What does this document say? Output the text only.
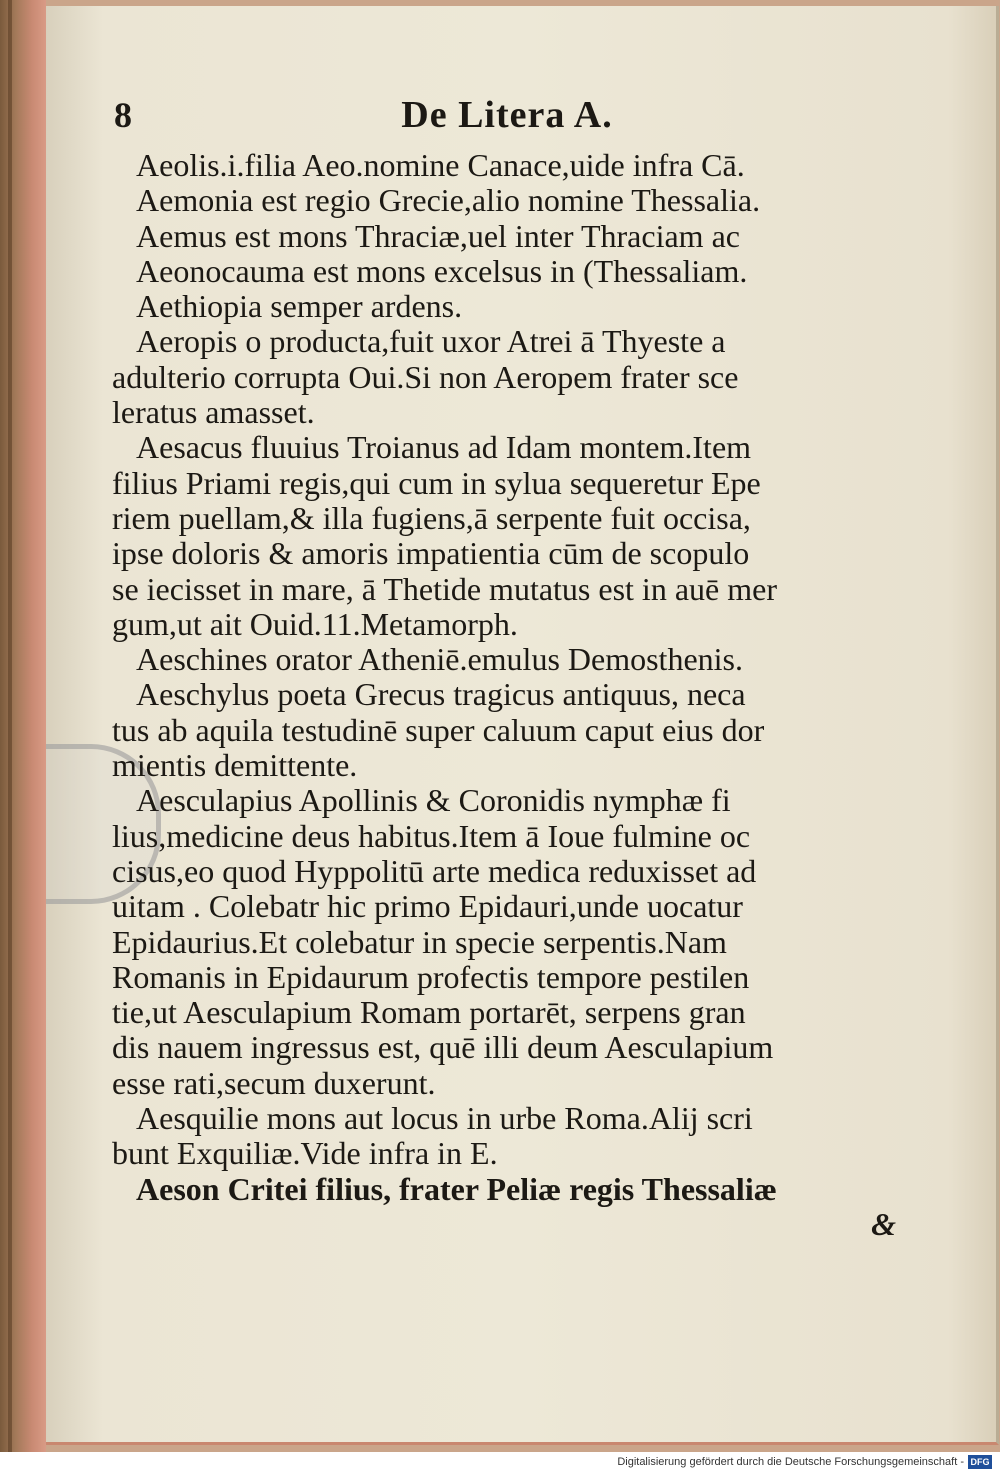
8	De Litera A.
Aeolis.i.filia Aeo.nomine Canace,uide infra Cā.
Aemonia est regio Grecie,alio nomine Thessalia.
Aemus est mons Thraciæ,uel inter Thraciam ac
Aeonocauma est mons excelsus in (Thessaliam.
Aethiopia semper ardens.
Aeropis o producta,fuit uxor Atrei ā Thyeste a
adulterio corrupta Oui.Si non Aeropem frater sce
leratus amasset.
Aesacus fluuius Troianus ad Idam montem.Item
filius Priami regis,qui cum in sylua sequeretur Epe
riem puellam,& illa fugiens,ā serpente fuit occisa,
ipse doloris & amoris impatientia cūm de scopulo
se iecisset in mare, ā Thetide mutatus est in auē mer
gum,ut ait Ouid.11.Metamorph.
Aeschines orator Atheniē.emulus Demosthenis.
Aeschylus poeta Grecus tragicus antiquus, neca
tus ab aquila testudinē super caluum caput eius dor
mientis demittente.
Aesculapius Apollinis & Coronidis nymphæ fi
lius,medicine deus habitus.Item ā Ioue fulmine oc
cisus,eo quod Hyppolitū arte medica reduxisset ad
uitam . Colebatr hic primo Epidauri,unde uocatur
Epidaurius.Et colebatur in specie serpentis.Nam
Romanis in Epidaurum profectis tempore pestilen
tie,ut Aesculapium Romam portarēt, serpens gran
dis nauem ingressus est, quē illi deum Aesculapium
esse rati,secum duxerunt.
Aesquilie mons aut locus in urbe Roma.Alij scri
bunt Exquiliæ.Vide infra in E.
Aeson Critei filius, frater Peliæ regis Thessaliæ
&
Digitalisierung gefördert durch die Deutsche Forschungsgemeinschaft - DFG
